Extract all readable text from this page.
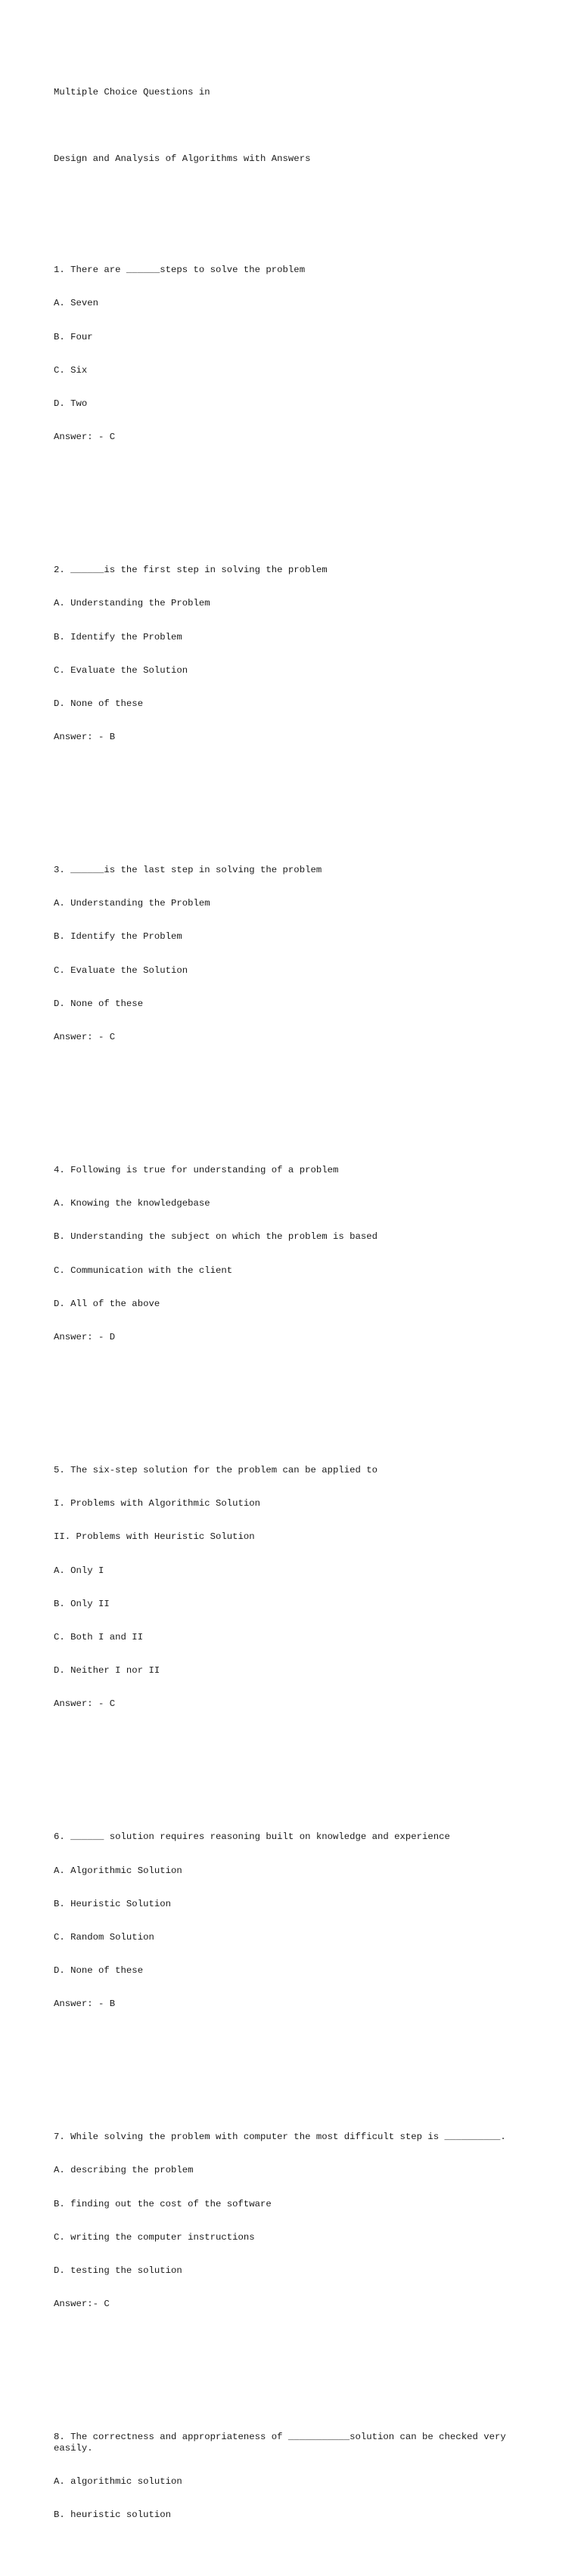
Multiple Choice Questions in

Design and Analysis of Algorithms with Answers

1. There are ______steps to solve the problem

A. Seven

B. Four

C. Six

D. Two

Answer: - C

2. ______is the first step in solving the problem

A. Understanding the Problem

B. Identify the Problem

C. Evaluate the Solution

D. None of these

Answer: - B

3. ______is the last step in solving the problem

A. Understanding the Problem

B. Identify the Problem

C. Evaluate the Solution

D. None of these

Answer: - C

4. Following is true for understanding of a problem

A. Knowing the knowledgebase

B. Understanding the subject on which the problem is based

C. Communication with the client

D. All of the above

Answer: - D

5. The six-step solution for the problem can be applied to

I. Problems with Algorithmic Solution

II. Problems with Heuristic Solution

A. Only I

B. Only II

C. Both I and II

D. Neither I nor II

Answer: - C

6. ______ solution requires reasoning built on knowledge and experience

A. Algorithmic Solution

B. Heuristic Solution

C. Random Solution

D. None of these

Answer: - B

7. While solving the problem with computer the most difficult step is __________.

A. describing the problem

B. finding out the cost of the software

C. writing the computer instructions

D. testing the solution

Answer:- C

8. The correctness and appropriateness of ___________solution can be checked very easily.

A. algorithmic solution

B. heuristic solution
